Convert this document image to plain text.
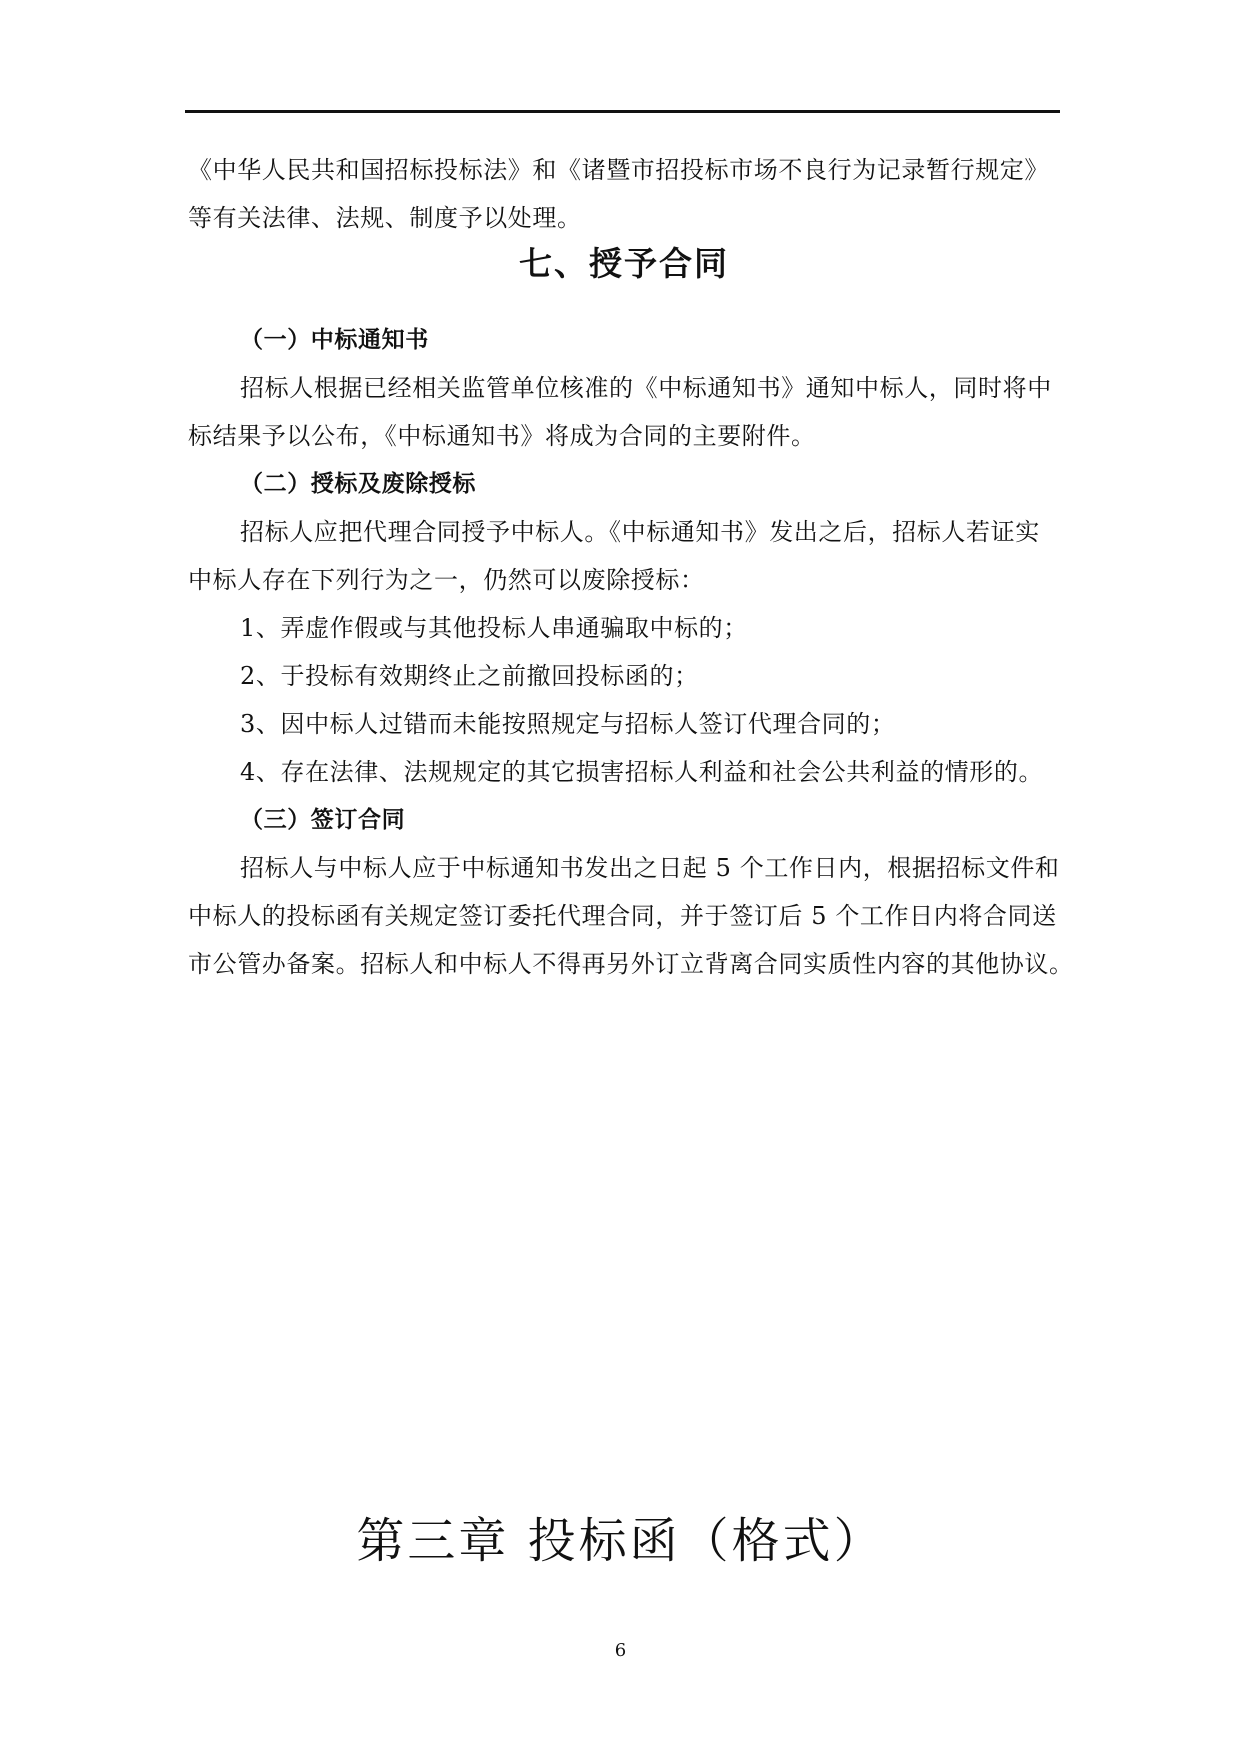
《中华人民共和国招标投标法》和《诸暨市招投标市场不良行为记录暂行规定》
等有关法律、法规、制度予以处理。
七、授予合同
（一）中标通知书
招标人根据已经相关监管单位核准的《中标通知书》通知中标人，同时将中
标结果予以公布，《中标通知书》将成为合同的主要附件。
（二）授标及废除授标
招标人应把代理合同授予中标人。《中标通知书》发出之后，招标人若证实
中标人存在下列行为之一，仍然可以废除授标：
1、弄虚作假或与其他投标人串通骗取中标的；
2、于投标有效期终止之前撤回投标函的；
3、因中标人过错而未能按照规定与招标人签订代理合同的；
4、存在法律、法规规定的其它损害招标人利益和社会公共利益的情形的。
（三）签订合同
招标人与中标人应于中标通知书发出之日起 5 个工作日内，根据招标文件和
中标人的投标函有关规定签订委托代理合同，并于签订后 5 个工作日内将合同送
市公管办备案。招标人和中标人不得再另外订立背离合同实质性内容的其他协议。
第三章 投标函（格式）
6
